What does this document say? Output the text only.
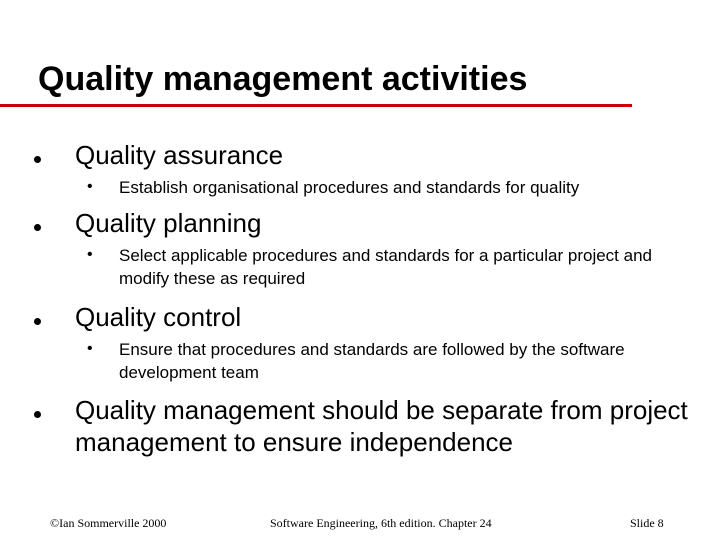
Quality management activities
Quality assurance
• Establish organisational procedures and standards for quality
Quality planning
• Select applicable procedures and standards for a particular project and modify these as required
Quality control
• Ensure that procedures and standards are followed by the software development team
Quality management should be separate from project management to ensure independence
©Ian Sommerville 2000	Software Engineering, 6th edition. Chapter 24	Slide 8
